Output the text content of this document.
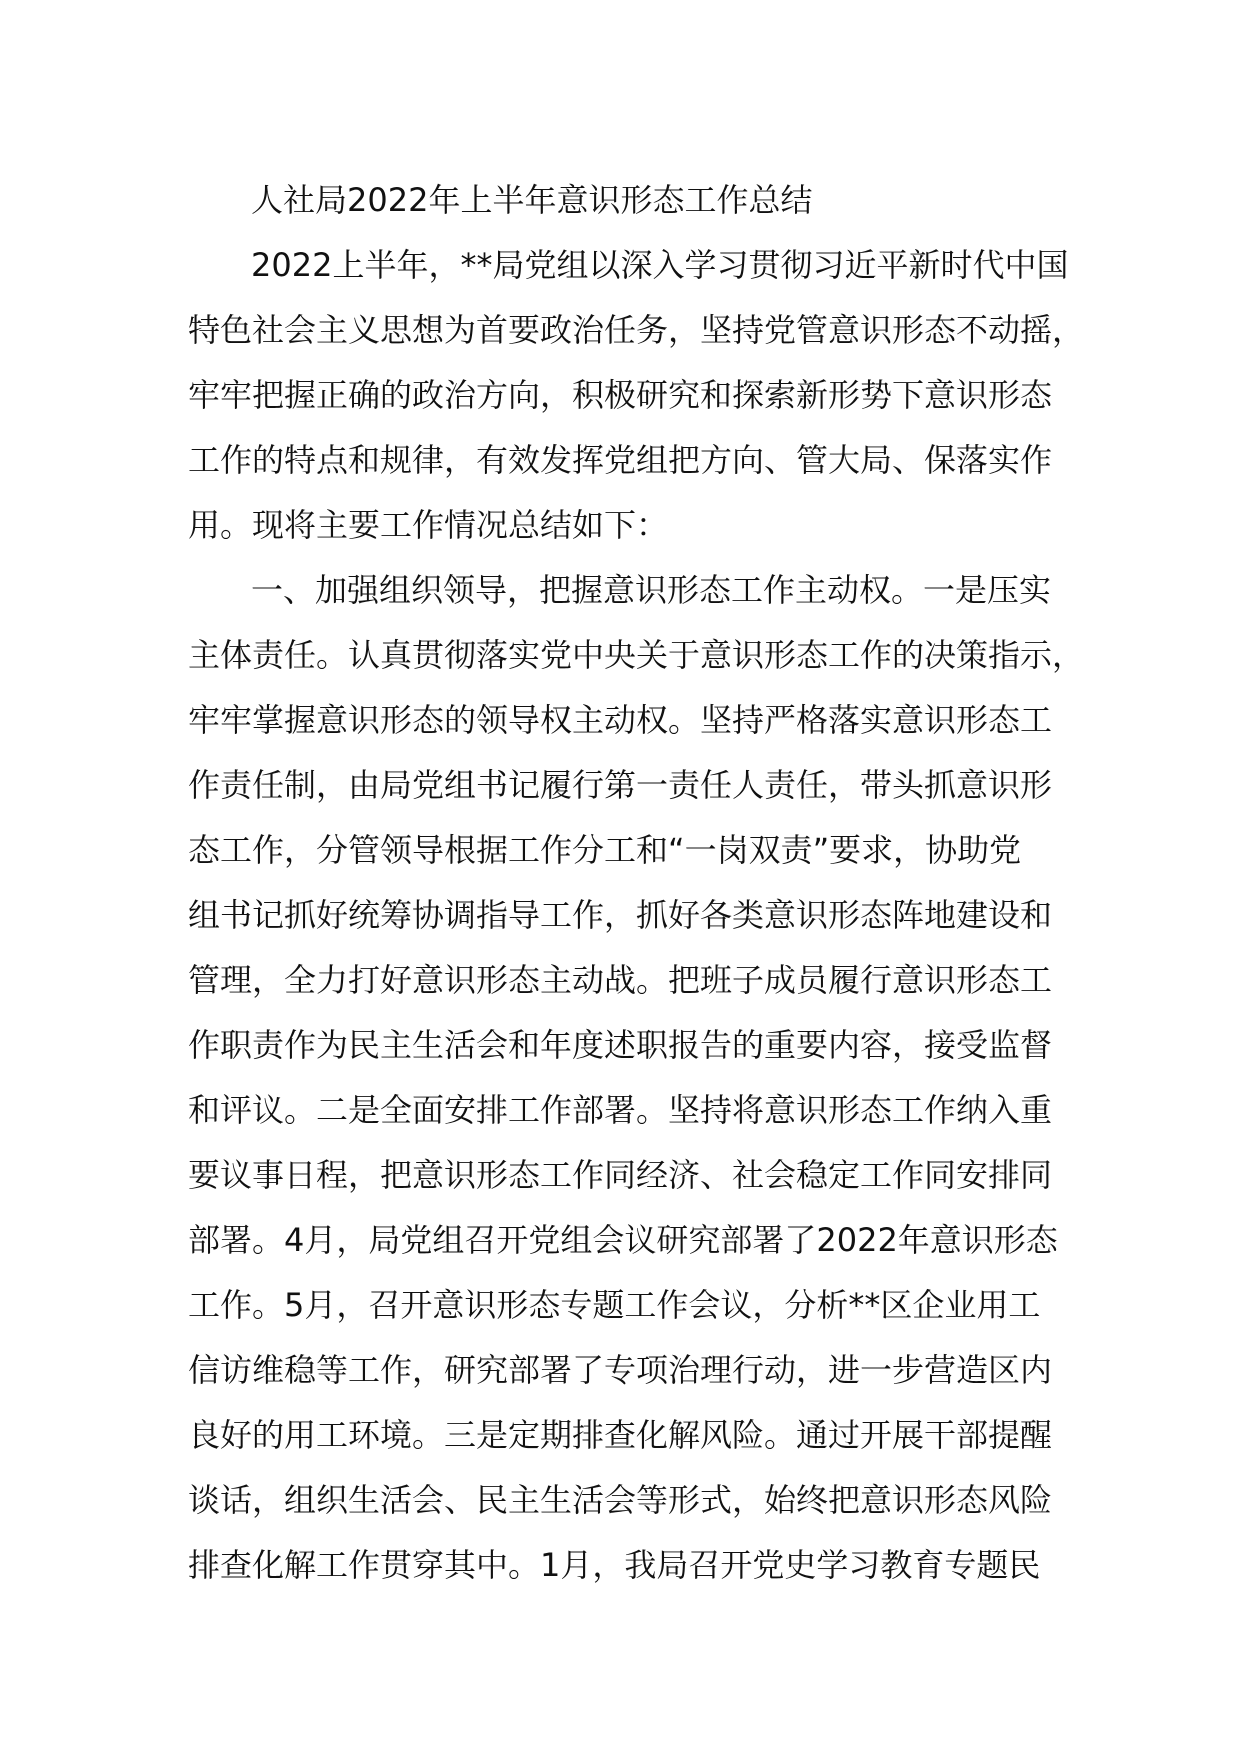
人社局2022年上半年意识形态工作总结

2022上半年，**局党组以深入学习贯彻习近平新时代中国

特色社会主义思想为首要政治任务，坚持党管意识形态不动摇，

牢牢把握正确的政治方向，积极研究和探索新形势下意识形态

工作的特点和规律，有效发挥党组把方向、管大局、保落实作

用。现将主要工作情况总结如下：

一、加强组织领导，把握意识形态工作主动权。一是压实

主体责任。认真贯彻落实党中央关于意识形态工作的决策指示，

牢牢掌握意识形态的领导权主动权。坚持严格落实意识形态工

作责任制，由局党组书记履行第一责任人责任，带头抓意识形

态工作，分管领导根据工作分工和“一岗双责”要求，协助党

组书记抓好统筹协调指导工作，抓好各类意识形态阵地建设和

管理，全力打好意识形态主动战。把班子成员履行意识形态工

作职责作为民主生活会和年度述职报告的重要内容，接受监督

和评议。二是全面安排工作部署。坚持将意识形态工作纳入重

要议事日程，把意识形态工作同经济、社会稳定工作同安排同

部署。4月，局党组召开党组会议研究部署了2022年意识形态

工作。5月，召开意识形态专题工作会议，分析**区企业用工

信访维稳等工作，研究部署了专项治理行动，进一步营造区内

良好的用工环境。三是定期排查化解风险。通过开展干部提醒

谈话，组织生活会、民主生活会等形式，始终把意识形态风险

排查化解工作贯穿其中。1月，我局召开党史学习教育专题民
